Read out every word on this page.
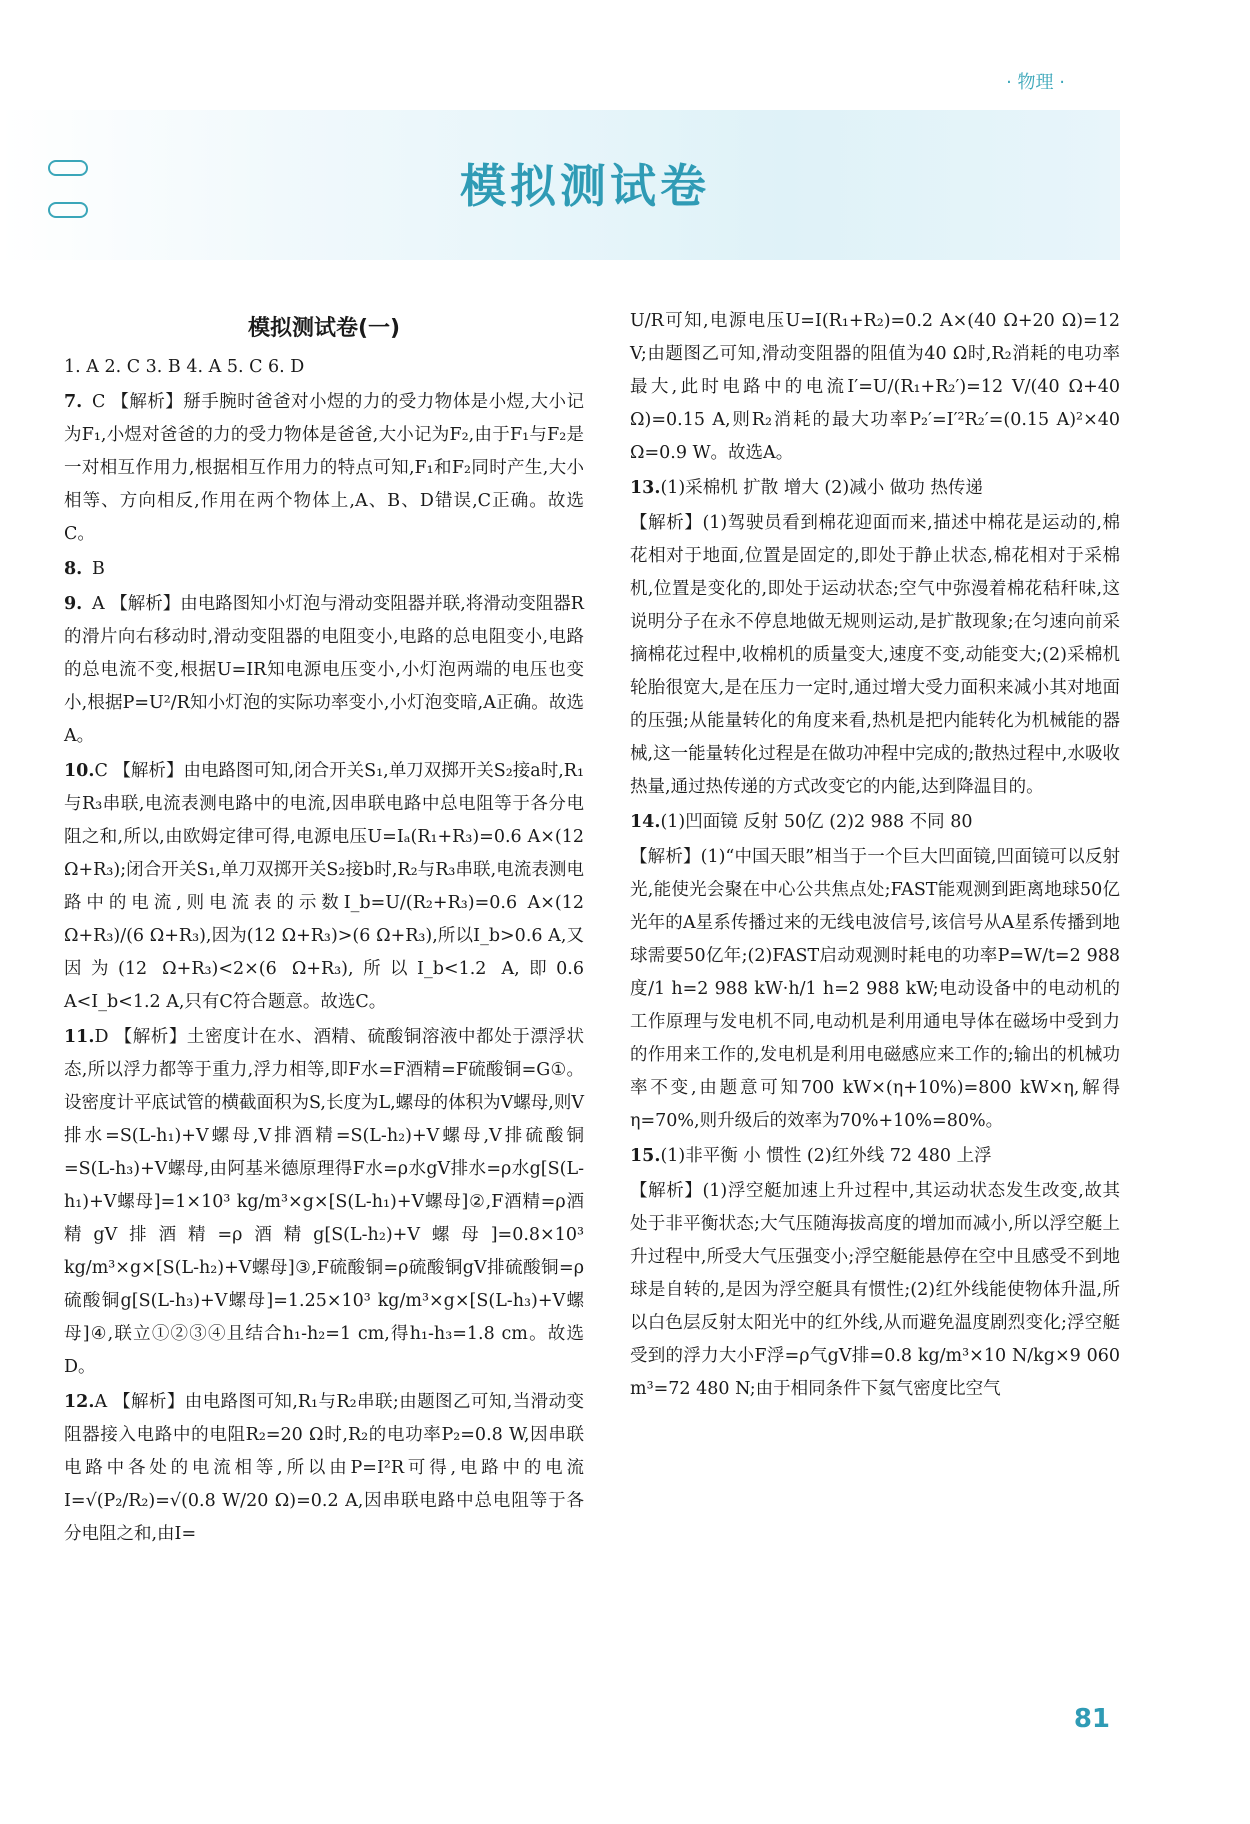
· 物理 ·
模拟测试卷
模拟测试卷(一)

1. A 2. C 3. B 4. A 5. C 6. D

7. C 【解析】掰手腕时爸爸对小煜的力的受力物体是小煜,大小记为F₁,小煜对爸爸的力的受力物体是爸爸,大小记为F₂,由于F₁与F₂是一对相互作用力,根据相互作用力的特点可知,F₁和F₂同时产生,大小相等、方向相反,作用在两个物体上,A、B、D错误,C正确。故选C。

8. B

9. A 【解析】由电路图知小灯泡与滑动变阻器并联,将滑动变阻器R的滑片向右移动时,滑动变阻器的电阻变小,电路的总电阻变小,电路的总电流不变,根据U=IR知电源电压变小,小灯泡两端的电压也变小,根据P=U²/R知小灯泡的实际功率变小,小灯泡变暗,A正确。故选A。

10.C 【解析】由电路图可知,闭合开关S₁,单刀双掷开关S₂接a时,R₁与R₃串联,电流表测电路中的电流,因串联电路中总电阻等于各分电阻之和,所以,由欧姆定律可得,电源电压U=Iₐ(R₁+R₃)=0.6 A×(12 Ω+R₃);闭合开关S₁,单刀双掷开关S₂接b时,R₂与R₃串联,电流表测电路中的电流,则电流表的示数I_b=U/(R₂+R₃)=0.6 A×(12 Ω+R₃)/(6 Ω+R₃),因为(12 Ω+R₃)>(6 Ω+R₃),所以I_b>0.6 A,又因为(12 Ω+R₃)<2×(6 Ω+R₃),所以I_b<1.2 A,即0.6 A<I_b<1.2 A,只有C符合题意。故选C。

11.D 【解析】土密度计在水、酒精、硫酸铜溶液中都处于漂浮状态,所以浮力都等于重力,浮力相等,即F水=F酒精=F硫酸铜=G①。设密度计平底试管的横截面积为S,长度为L,螺母的体积为V螺母,则V排水=S(L-h₁)+V螺母,V排酒精=S(L-h₂)+V螺母,V排硫酸铜=S(L-h₃)+V螺母,由阿基米德原理得F水=ρ水gV排水=ρ水g[S(L-h₁)+V螺母]=1×10³ kg/m³×g×[S(L-h₁)+V螺母]②,F酒精=ρ酒精gV排酒精=ρ酒精g[S(L-h₂)+V螺母]=0.8×10³ kg/m³×g×[S(L-h₂)+V螺母]③,F硫酸铜=ρ硫酸铜gV排硫酸铜=ρ硫酸铜g[S(L-h₃)+V螺母]=1.25×10³ kg/m³×g×[S(L-h₃)+V螺母]④,联立①②③④且结合h₁-h₂=1 cm,得h₁-h₃=1.8 cm。故选D。

12.A 【解析】由电路图可知,R₁与R₂串联;由题图乙可知,当滑动变阻器接入电路中的电阻R₂=20 Ω时,R₂的电功率P₂=0.8 W,因串联电路中各处的电流相等,所以由P=I²R可得,电路中的电流I=√(P₂/R₂)=√(0.8 W/20 Ω)=0.2 A,因串联电路中总电阻等于各分电阻之和,由I=

U/R可知,电源电压U=I(R₁+R₂)=0.2 A×(40 Ω+20 Ω)=12 V;由题图乙可知,滑动变阻器的阻值为40 Ω时,R₂消耗的电功率最大,此时电路中的电流I′=U/(R₁+R₂′)=12 V/(40 Ω+40 Ω)=0.15 A,则R₂消耗的最大功率P₂′=I′²R₂′=(0.15 A)²×40 Ω=0.9 W。故选A。

13.(1)采棉机 扩散 增大 (2)减小 做功 热传递

【解析】(1)驾驶员看到棉花迎面而来,描述中棉花是运动的,棉花相对于地面,位置是固定的,即处于静止状态,棉花相对于采棉机,位置是变化的,即处于运动状态;空气中弥漫着棉花秸秆味,这说明分子在永不停息地做无规则运动,是扩散现象;在匀速向前采摘棉花过程中,收棉机的质量变大,速度不变,动能变大;(2)采棉机轮胎很宽大,是在压力一定时,通过增大受力面积来减小其对地面的压强;从能量转化的角度来看,热机是把内能转化为机械能的器械,这一能量转化过程是在做功冲程中完成的;散热过程中,水吸收热量,通过热传递的方式改变它的内能,达到降温目的。

14.(1)凹面镜 反射 50亿 (2)2 988 不同 80

【解析】(1)“中国天眼”相当于一个巨大凹面镜,凹面镜可以反射光,能使光会聚在中心公共焦点处;FAST能观测到距离地球50亿光年的A星系传播过来的无线电波信号,该信号从A星系传播到地球需要50亿年;(2)FAST启动观测时耗电的功率P=W/t=2 988度/1 h=2 988 kW·h/1 h=2 988 kW;电动设备中的电动机的工作原理与发电机不同,电动机是利用通电导体在磁场中受到力的作用来工作的,发电机是利用电磁感应来工作的;输出的机械功率不变,由题意可知700 kW×(η+10%)=800 kW×η,解得η=70%,则升级后的效率为70%+10%=80%。

15.(1)非平衡 小 惯性 (2)红外线 72 480 上浮

【解析】(1)浮空艇加速上升过程中,其运动状态发生改变,故其处于非平衡状态;大气压随海拔高度的增加而减小,所以浮空艇上升过程中,所受大气压强变小;浮空艇能悬停在空中且感受不到地球是自转的,是因为浮空艇具有惯性;(2)红外线能使物体升温,所以白色层反射太阳光中的红外线,从而避免温度剧烈变化;浮空艇受到的浮力大小F浮=ρ气gV排=0.8 kg/m³×10 N/kg×9 060 m³=72 480 N;由于相同条件下氦气密度比空气

81
